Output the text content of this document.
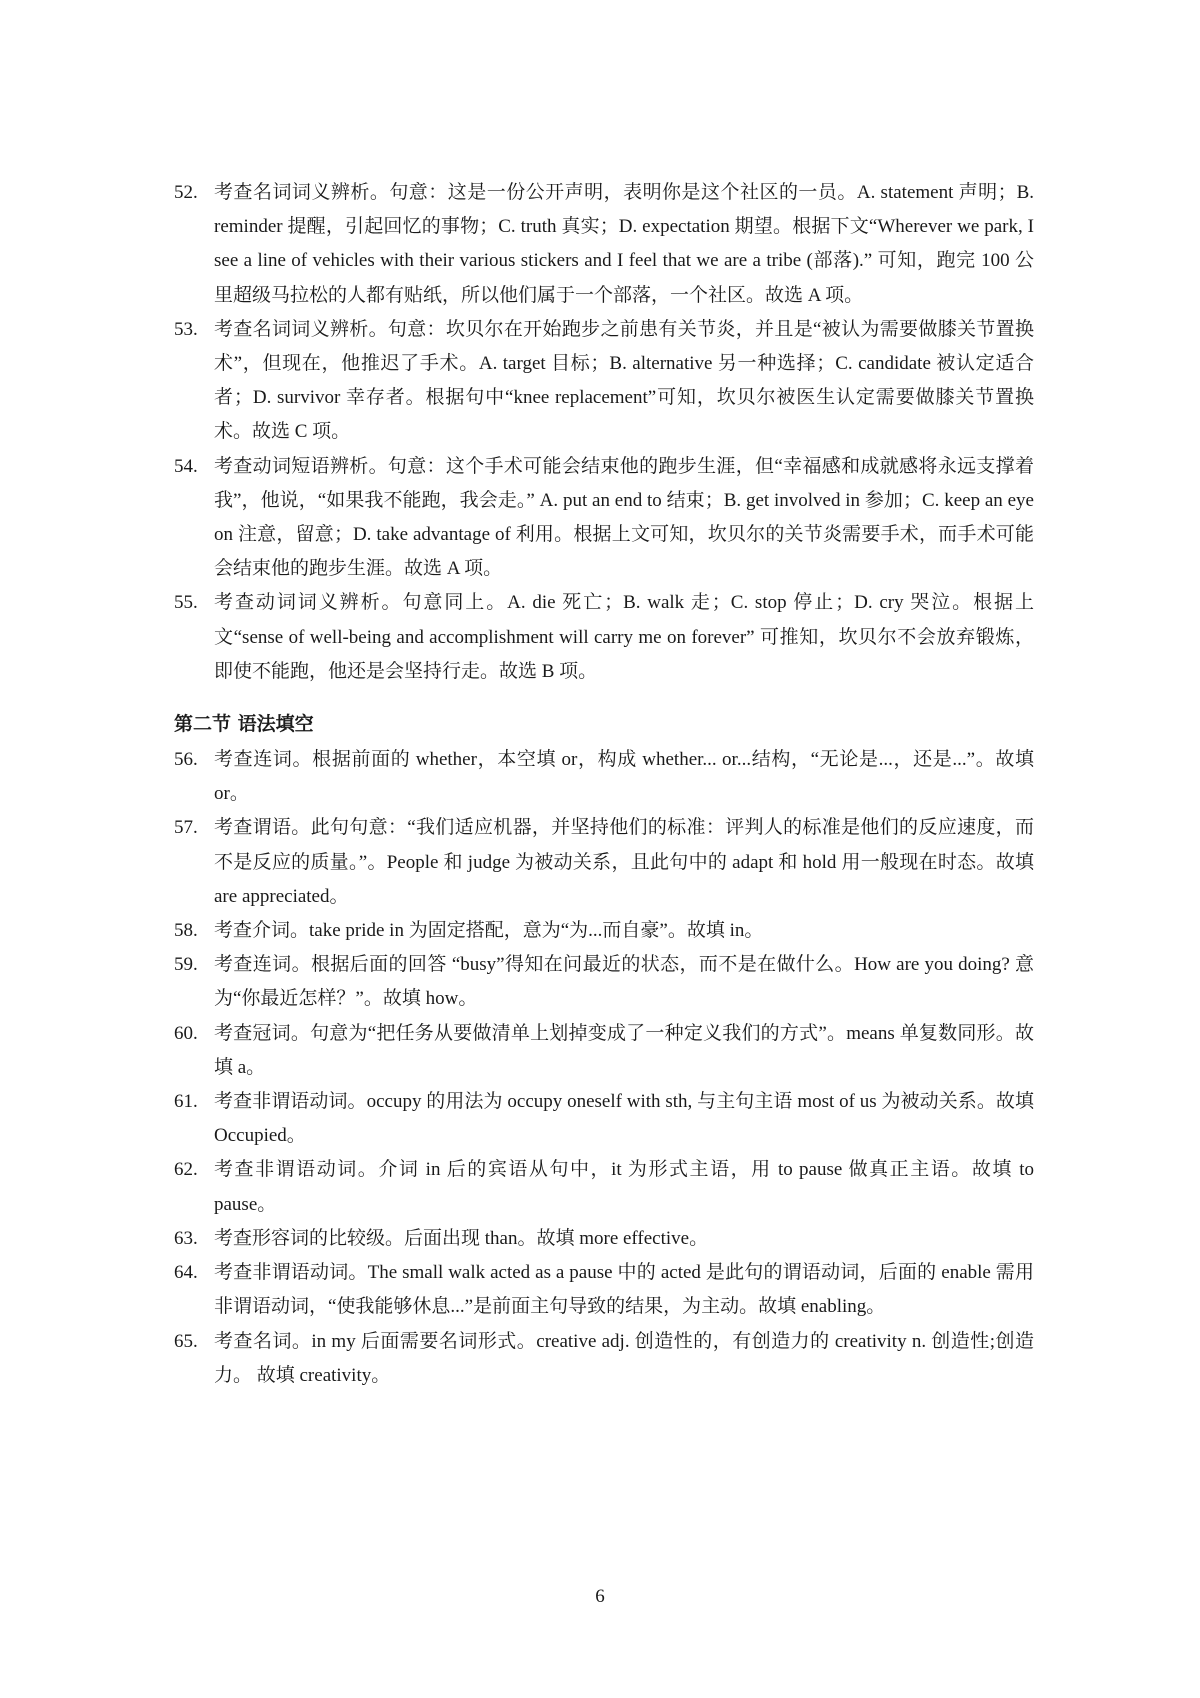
52. 考查名词词义辨析。句意：这是一份公开声明，表明你是这个社区的一员。A. statement 声明；B. reminder 提醒，引起回忆的事物；C. truth 真实；D. expectation 期望。根据下文“Wherever we park, I see a line of vehicles with their various stickers and I feel that we are a tribe (部落).” 可知，跑完 100 公里超级马拉松的人都有贴纸，所以他们属于一个部落，一个社区。故选 A 项。
53. 考查名词词义辨析。句意：坎贝尔在开始跑步之前患有关节炎，并且是“被认为需要做膝关节置换术”，但现在，他推迟了手术。A. target 目标；B. alternative 另一种选择；C. candidate 被认定适合者；D. survivor 幸存者。根据句中“knee replacement”可知，坎贝尔被医生认定需要做膝关节置换术。故选 C 项。
54. 考查动词短语辨析。句意：这个手术可能会结束他的跑步生涯，但“幸福感和成就感将永远支撑着我”，他说，“如果我不能跑，我会走。” A. put an end to 结束；B. get involved in 参加；C. keep an eye on 注意，留意；D. take advantage of 利用。根据上文可知，坎贝尔的关节炎需要手术，而手术可能会结束他的跑步生涯。故选 A 项。
55. 考查动词词义辨析。句意同上。A. die 死亡；B. walk 走；C. stop 停止；D. cry 哭泣。根据上文“sense of well-being and accomplishment will carry me on forever” 可推知，坎贝尔不会放弃锻炼，即使不能跑，他还是会坚持行走。故选 B 项。
第二节 语法填空
56. 考查连词。根据前面的 whether，本空填 or，构成 whether... or...结构，“无论是...，还是...”。故填 or。
57. 考查谓语。此句句意：“我们适应机器，并坚持他们的标准：评判人的标准是他们的反应速度，而不是反应的质量。”。People 和 judge 为被动关系，且此句中的 adapt 和 hold 用一般现在时态。故填 are appreciated。
58. 考查介词。take pride in 为固定搭配，意为“为...而自豪”。故填 in。
59. 考查连词。根据后面的回答 “busy”得知在问最近的状态，而不是在做什么。How are you doing? 意为“你最近怎样？”。故填 how。
60. 考查冠词。句意为“把任务从要做清单上划掉变成了一种定义我们的方式”。means 单复数同形。故填 a。
61. 考查非谓语动词。occupy 的用法为 occupy oneself with sth, 与主句主语 most of us 为被动关系。故填 Occupied。
62. 考查非谓语动词。介词 in 后的宾语从句中，it 为形式主语，用 to pause 做真正主语。故填 to pause。
63. 考查形容词的比较级。后面出现 than。故填 more effective。
64. 考查非谓语动词。The small walk acted as a pause 中的 acted 是此句的谓语动词，后面的 enable 需用非谓语动词，“使我能够休息...”是前面主句导致的结果，为主动。故填 enabling。
65. 考查名词。in my 后面需要名词形式。creative adj. 创造性的，有创造力的 creativity n. 创造性;创造力。 故填 creativity。
6
